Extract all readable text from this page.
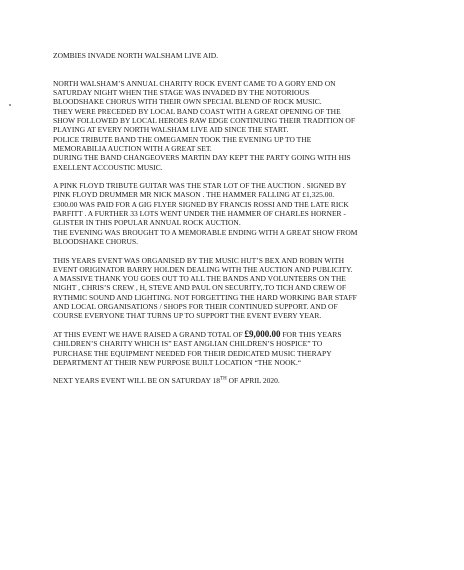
ZOMBIES INVADE NORTH WALSHAM LIVE AID.
NORTH WALSHAM’S ANNUAL CHARITY ROCK EVENT CAME TO A GORY END ON
SATURDAY NIGHT WHEN THE STAGE WAS INVADED BY THE NOTORIOUS
BLOODSHAKE CHORUS WITH THEIR OWN SPECIAL BLEND OF ROCK MUSIC.
THEY WERE PRECEDED BY LOCAL BAND COAST WITH A GREAT OPENING OF THE
SHOW FOLLOWED BY LOCAL HEROES RAW EDGE CONTINUING THEIR TRADITION OF
PLAYING AT EVERY NORTH WALSHAM LIVE AID SINCE THE START.
POLICE TRIBUTE BAND THE OMEGAMEN TOOK THE EVENING UP TO THE
MEMORABILIA AUCTION WITH A GREAT SET.
DURING THE BAND CHANGEOVERS MARTIN DAY KEPT THE PARTY GOING WITH HIS
EXELLENT ACCOUSTIC MUSIC.
A PINK FLOYD TRIBUTE GUITAR WAS THE STAR LOT OF THE AUCTION . SIGNED BY
PINK FLOYD DRUMMER MR NICK MASON . THE HAMMER FALLING AT £1,325.00.
£300.00 WAS PAID FOR A GIG FLYER SIGNED BY FRANCIS ROSSI AND THE LATE RICK
PARFITT . A FURTHER 33 LOTS WENT UNDER THE HAMMER OF CHARLES HORNER -
GLISTER IN THIS POPULAR ANNUAL ROCK AUCTION.
THE EVENING WAS BROUGHT TO A MEMORABLE ENDING WITH A GREAT SHOW FROM
BLOODSHAKE CHORUS.
THIS YEARS EVENT WAS ORGANISED BY THE MUSIC HUT’S BEX AND ROBIN WITH
EVENT ORIGINATOR BARRY HOLDEN DEALING WITH THE AUCTION AND PUBLICITY.
A MASSIVE THANK YOU GOES OUT TO ALL THE BANDS AND VOLUNTEERS ON THE
NIGHT , CHRIS’S CREW , H, STEVE AND PAUL ON SECURITY,.TO TICH AND CREW OF
RYTHMIC SOUND AND LIGHTING. NOT FORGETTING THE HARD WORKING BAR STAFF
AND LOCAL ORGANISATIONS / SHOPS FOR THEIR CONTINUED SUPPORT. AND OF
COURSE EVERYONE THAT TURNS UP TO SUPPORT THE EVENT EVERY YEAR.
AT THIS EVENT WE HAVE RAISED A GRAND TOTAL OF £9,000.00 FOR THIS YEARS
CHILDREN’S CHARITY WHICH IS” EAST ANGLIAN CHILDREN’S HOSPICE” TO
PURCHASE THE EQUIPMENT NEEDED FOR THEIR DEDICATED MUSIC THERAPY
DEPARTMENT AT THEIR NEW PURPOSE BUILT LOCATION “THE NOOK.“
NEXT YEARS EVENT WILL BE ON SATURDAY 18TH OF APRIL 2020.
